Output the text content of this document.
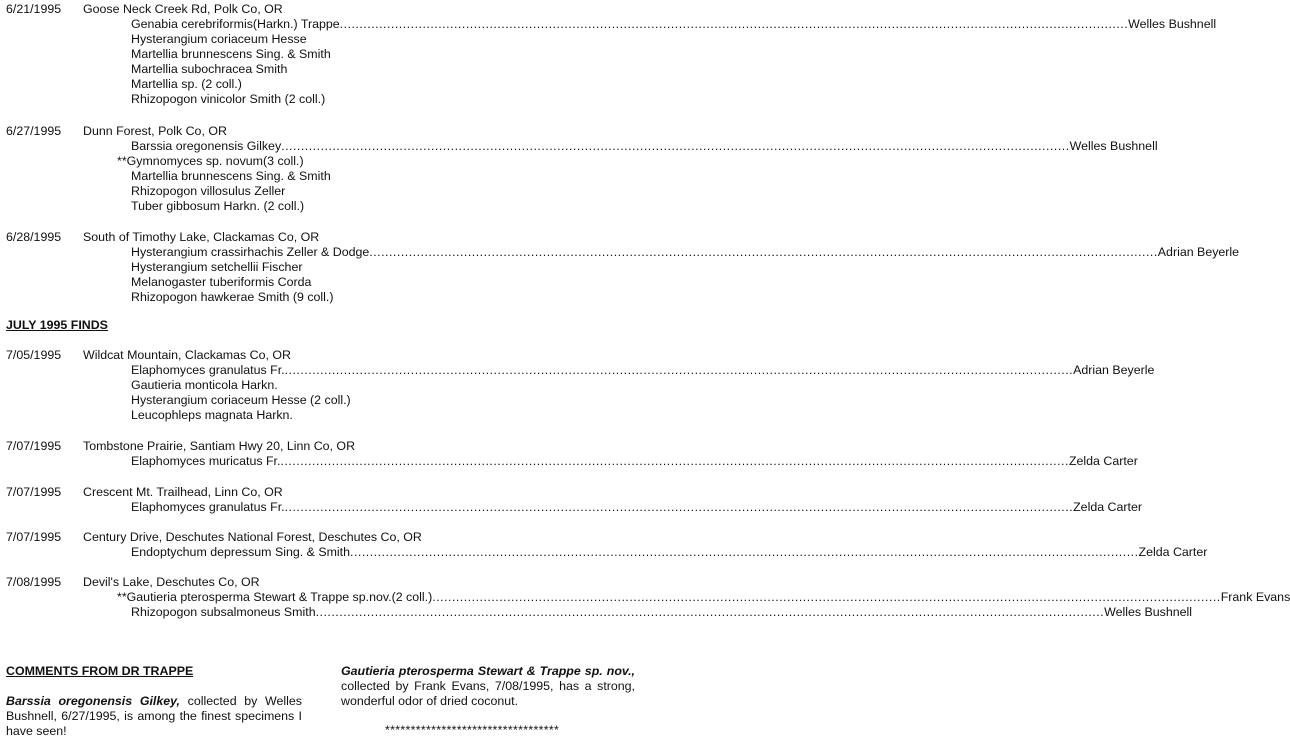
6/21/1995 Goose Neck Creek Rd, Polk Co, OR
Genabia cerebriformis(Harkn.) Trappe ........................................................................................................................................................................................................ Welles Bushnell
Hysterangium coriaceum Hesse
Martellia brunnescens Sing. & Smith
Martellia subochracea Smith
Martellia sp. (2 coll.)
Rhizopogon vinicolor Smith (2 coll.)
6/27/1995 Dunn Forest, Polk Co, OR
Barssia oregonensis Gilkey ........................................................................................................................................................................................................ Welles Bushnell
**Gymnomyces sp. novum(3 coll.)
Martellia brunnescens Sing. & Smith
Rhizopogon villosulus Zeller
Tuber gibbosum Harkn. (2 coll.)
6/28/1995 South of Timothy Lake, Clackamas Co, OR
Hysterangium crassirhachis Zeller & Dodge ........................................................................................................................................................................................................ Adrian Beyerle
Hysterangium setchellii Fischer
Melanogaster tuberiformis Corda
Rhizopogon hawkerae Smith (9 coll.)
JULY 1995 FINDS
7/05/1995 Wildcat Mountain, Clackamas Co, OR
Elaphomyces granulatus Fr. ........................................................................................................................................................................................................ Adrian Beyerle
Gautieria monticola Harkn.
Hysterangium coriaceum Hesse (2 coll.)
Leucophleps magnata Harkn.
7/07/1995 Tombstone Prairie, Santiam Hwy 20, Linn Co, OR
Elaphomyces muricatus Fr. ........................................................................................................................................................................................................ Zelda Carter
7/07/1995 Crescent Mt. Trailhead, Linn Co, OR
Elaphomyces granulatus Fr. ........................................................................................................................................................................................................ Zelda Carter
7/07/1995 Century Drive, Deschutes National Forest, Deschutes Co, OR
Endoptychum depressum Sing. & Smith ........................................................................................................................................................................................................ Zelda Carter
7/08/1995 Devil's Lake, Deschutes Co, OR
**Gautieria pterosperma Stewart & Trappe sp.nov.(2 coll.) ........................................................................................................................................................................................................ Frank Evans
Rhizopogon subsalmoneus Smith ........................................................................................................................................................................................................ Welles Bushnell
COMMENTS FROM DR TRAPPE

Barssia oregonensis Gilkey, collected by Welles Bushnell, 6/27/1995, is among the finest specimens I have seen!

Gautieria pterosperma Stewart & Trappe sp. nov., collected by Frank Evans, 7/08/1995, has a strong, wonderful odor of dried coconut.

**********************************
